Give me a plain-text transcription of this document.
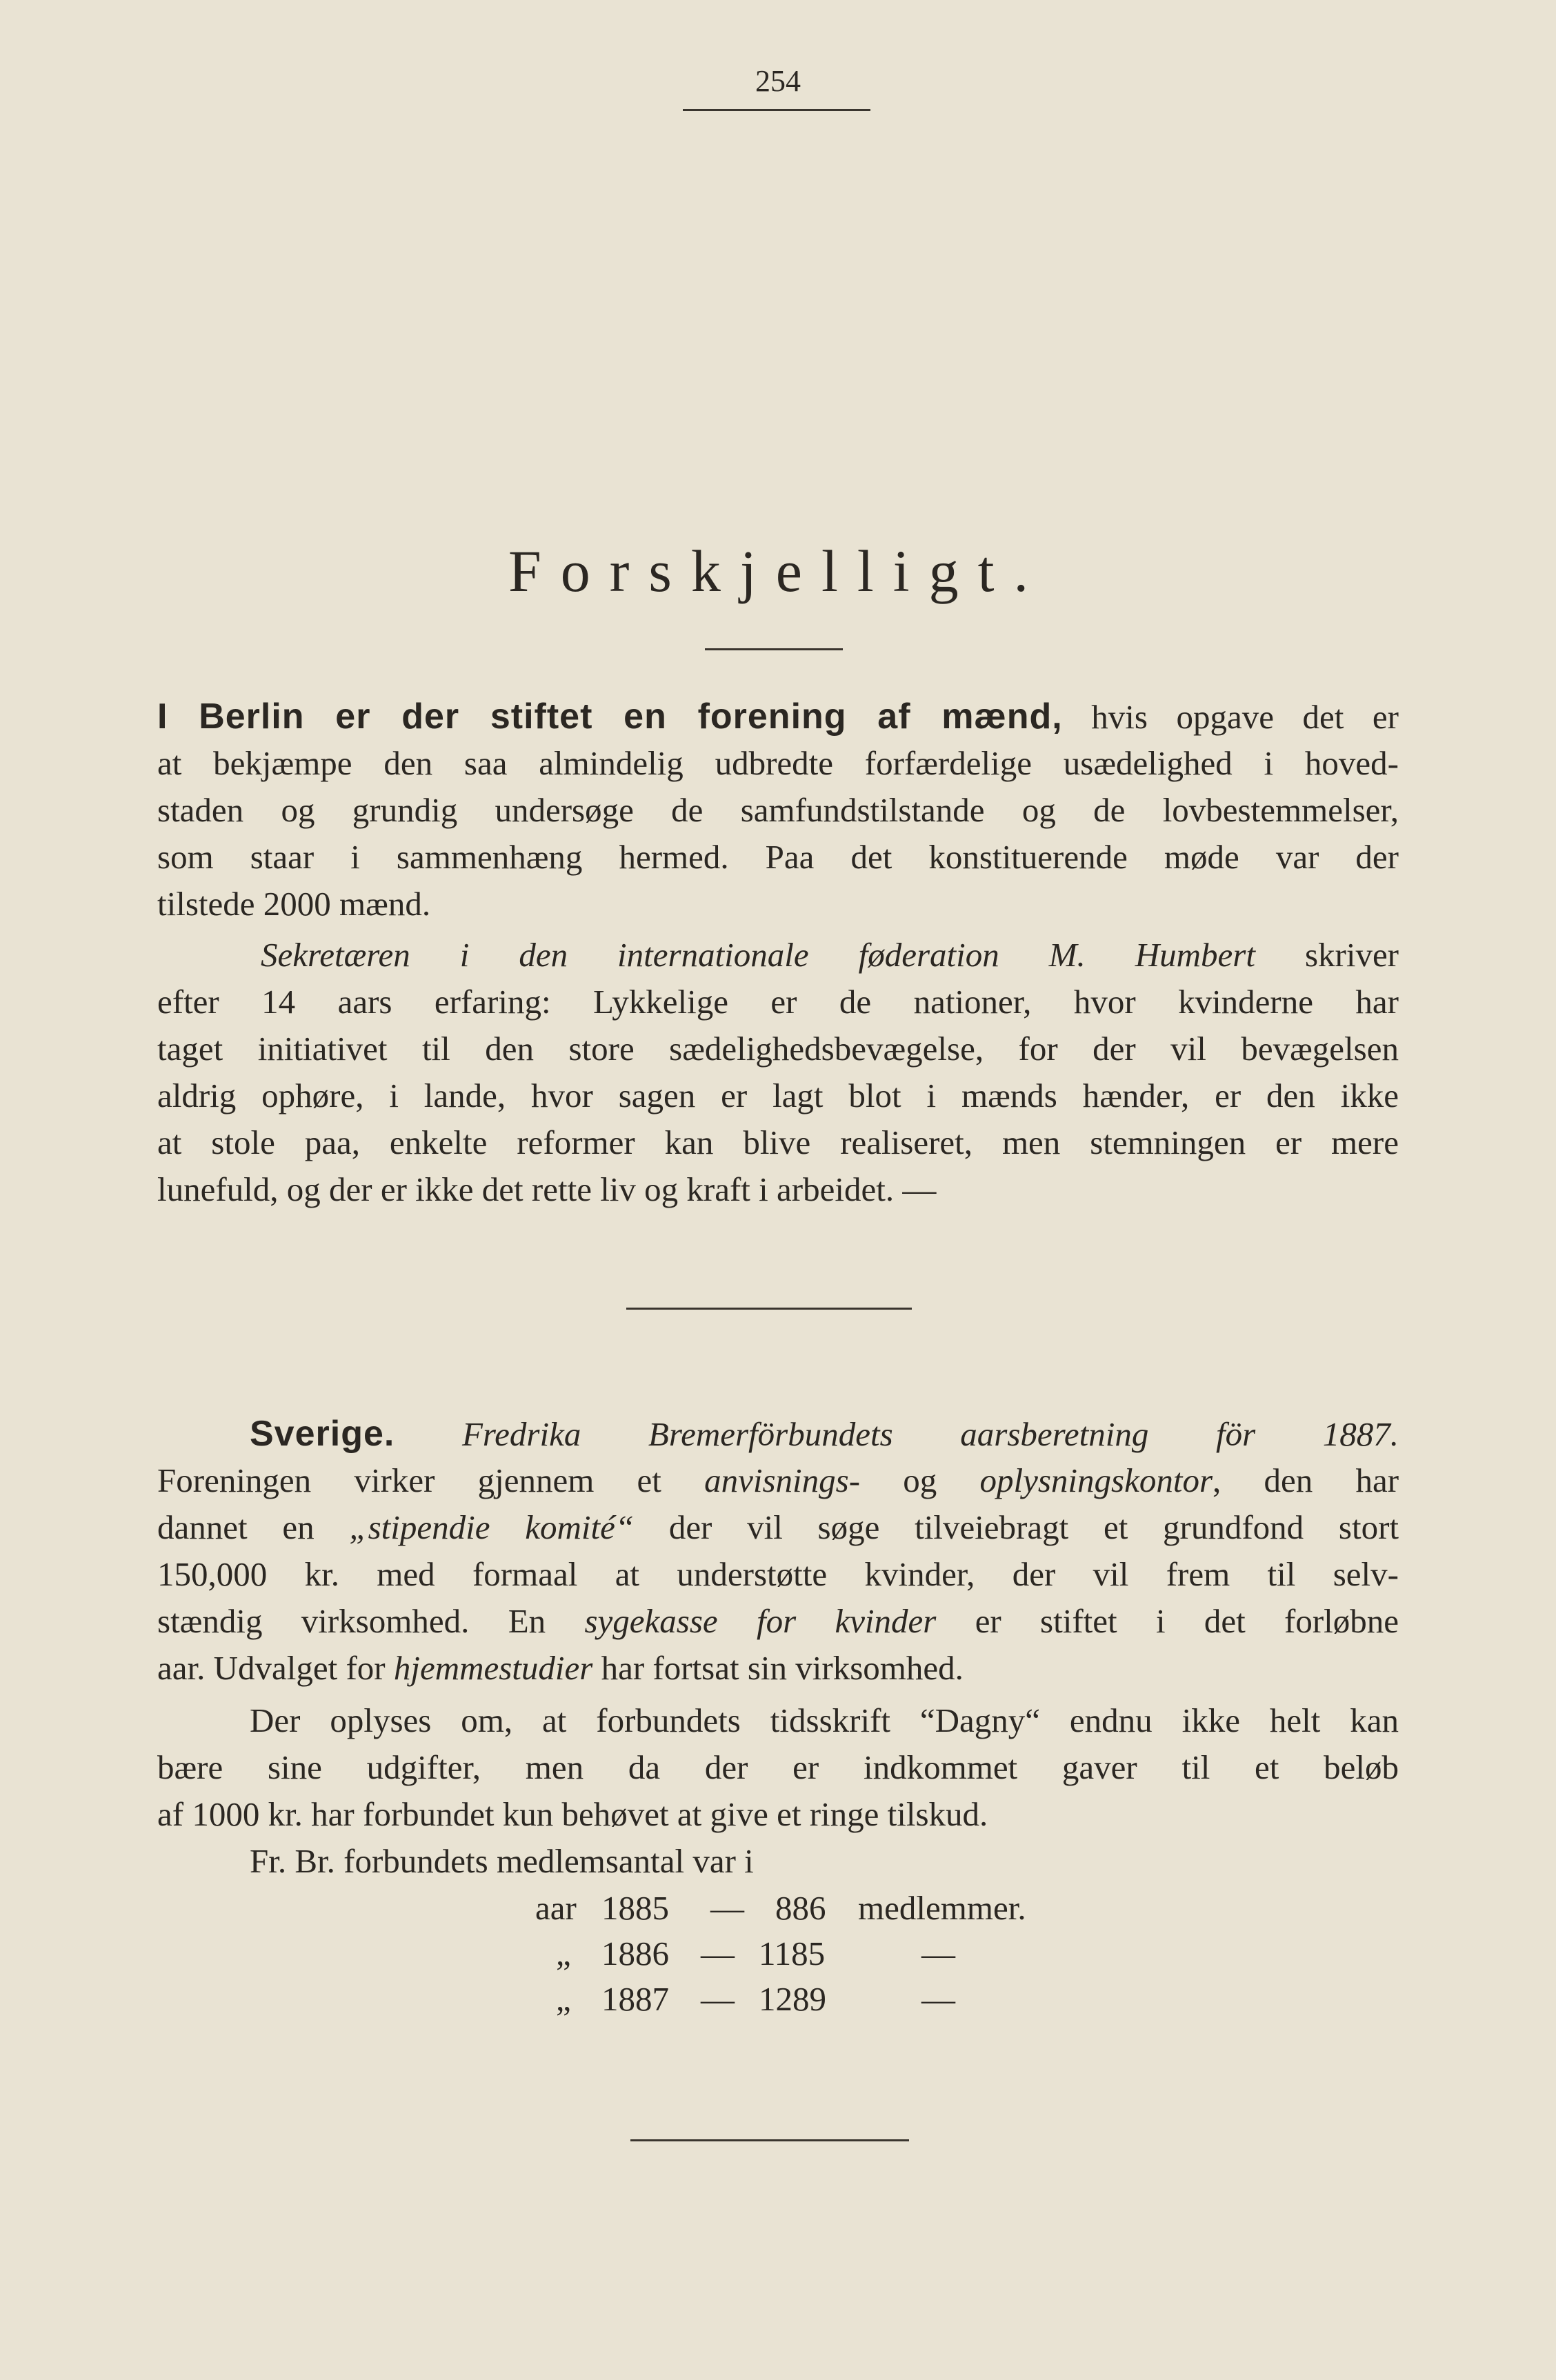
254
Forskjelligt.
I Berlin er der stiftet en forening af mænd, hvis opgave det er
at bekjæmpe den saa almindelig udbredte forfærdelige usædelighed i hoved-
staden og grundig undersøge de samfundstilstande og de lovbestemmelser,
som staar i sammenhæng hermed. Paa det konstituerende møde var der
tilstede 2000 mænd.
Sekretæren i den internationale føderation M. Humbert skriver
efter 14 aars erfaring: Lykkelige er de nationer, hvor kvinderne har
taget initiativet til den store sædelighedsbevægelse, for der vil bevægelsen
aldrig ophøre, i lande, hvor sagen er lagt blot i mænds hænder, er den ikke
at stole paa, enkelte reformer kan blive realiseret, men stemningen er mere
lunefuld, og der er ikke det rette liv og kraft i arbeidet. —
Sverige. Fredrika Bremerförbundets aarsberetning för 1887.
Foreningen virker gjennem et anvisnings- og oplysningskontor, den har
dannet en „stipendie komité“ der vil søge tilveiebragt et grundfond stort
150,000 kr. med formaal at understøtte kvinder, der vil frem til selv-
stændig virksomhed. En sygekasse for kvinder er stiftet i det forløbne
aar. Udvalget for hjemmestudier har fortsat sin virksomhed.
Der oplyses om, at forbundets tidsskrift “Dagny“ endnu ikke helt kan
bære sine udgifter, men da der er indkommet gaver til et beløb
af 1000 kr. har forbundet kun behøvet at give et ringe tilskud.
Fr. Br. forbundets medlemsantal var i
aar 1885 — 886 medlemmer.
„ 1886 — 1185	—
„ 1887 — 1289	—
